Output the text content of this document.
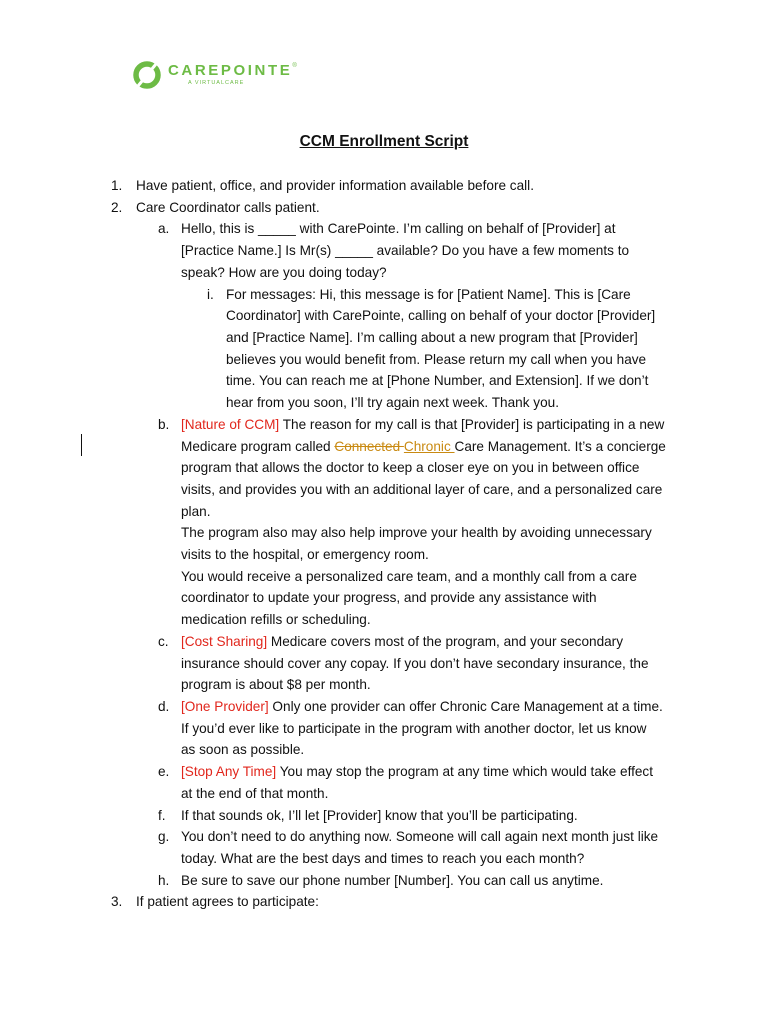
CAREPOINTE®
A VIRTUALCARE
CCM Enrollment Script
1. Have patient, office, and provider information available before call.
2. Care Coordinator calls patient.
a. Hello, this is _____ with CarePointe. I’m calling on behalf of [Provider] at
[Practice Name.] Is Mr(s) _____ available? Do you have a few moments to
speak? How are you doing today?
i. For messages: Hi, this message is for [Patient Name]. This is [Care
Coordinator] with CarePointe, calling on behalf of your doctor [Provider]
and [Practice Name]. I’m calling about a new program that [Provider]
believes you would benefit from. Please return my call when you have
time. You can reach me at [Phone Number, and Extension]. If we don’t
hear from you soon, I’ll try again next week. Thank you.
b. [Nature of CCM] The reason for my call is that [Provider] is participating in a new
Medicare program called Connected Chronic Care Management. It’s a concierge
program that allows the doctor to keep a closer eye on you in between office
visits, and provides you with an additional layer of care, and a personalized care
plan.
The program also may also help improve your health by avoiding unnecessary
visits to the hospital, or emergency room.
You would receive a personalized care team, and a monthly call from a care
coordinator to update your progress, and provide any assistance with
medication refills or scheduling.
c. [Cost Sharing] Medicare covers most of the program, and your secondary
insurance should cover any copay. If you don’t have secondary insurance, the
program is about $8 per month.
d. [One Provider] Only one provider can offer Chronic Care Management at a time.
If you’d ever like to participate in the program with another doctor, let us know
as soon as possible.
e. [Stop Any Time] You may stop the program at any time which would take effect
at the end of that month.
f. If that sounds ok, I’ll let [Provider] know that you’ll be participating.
g. You don’t need to do anything now. Someone will call again next month just like
today. What are the best days and times to reach you each month?
h. Be sure to save our phone number [Number]. You can call us anytime.
3. If patient agrees to participate:
